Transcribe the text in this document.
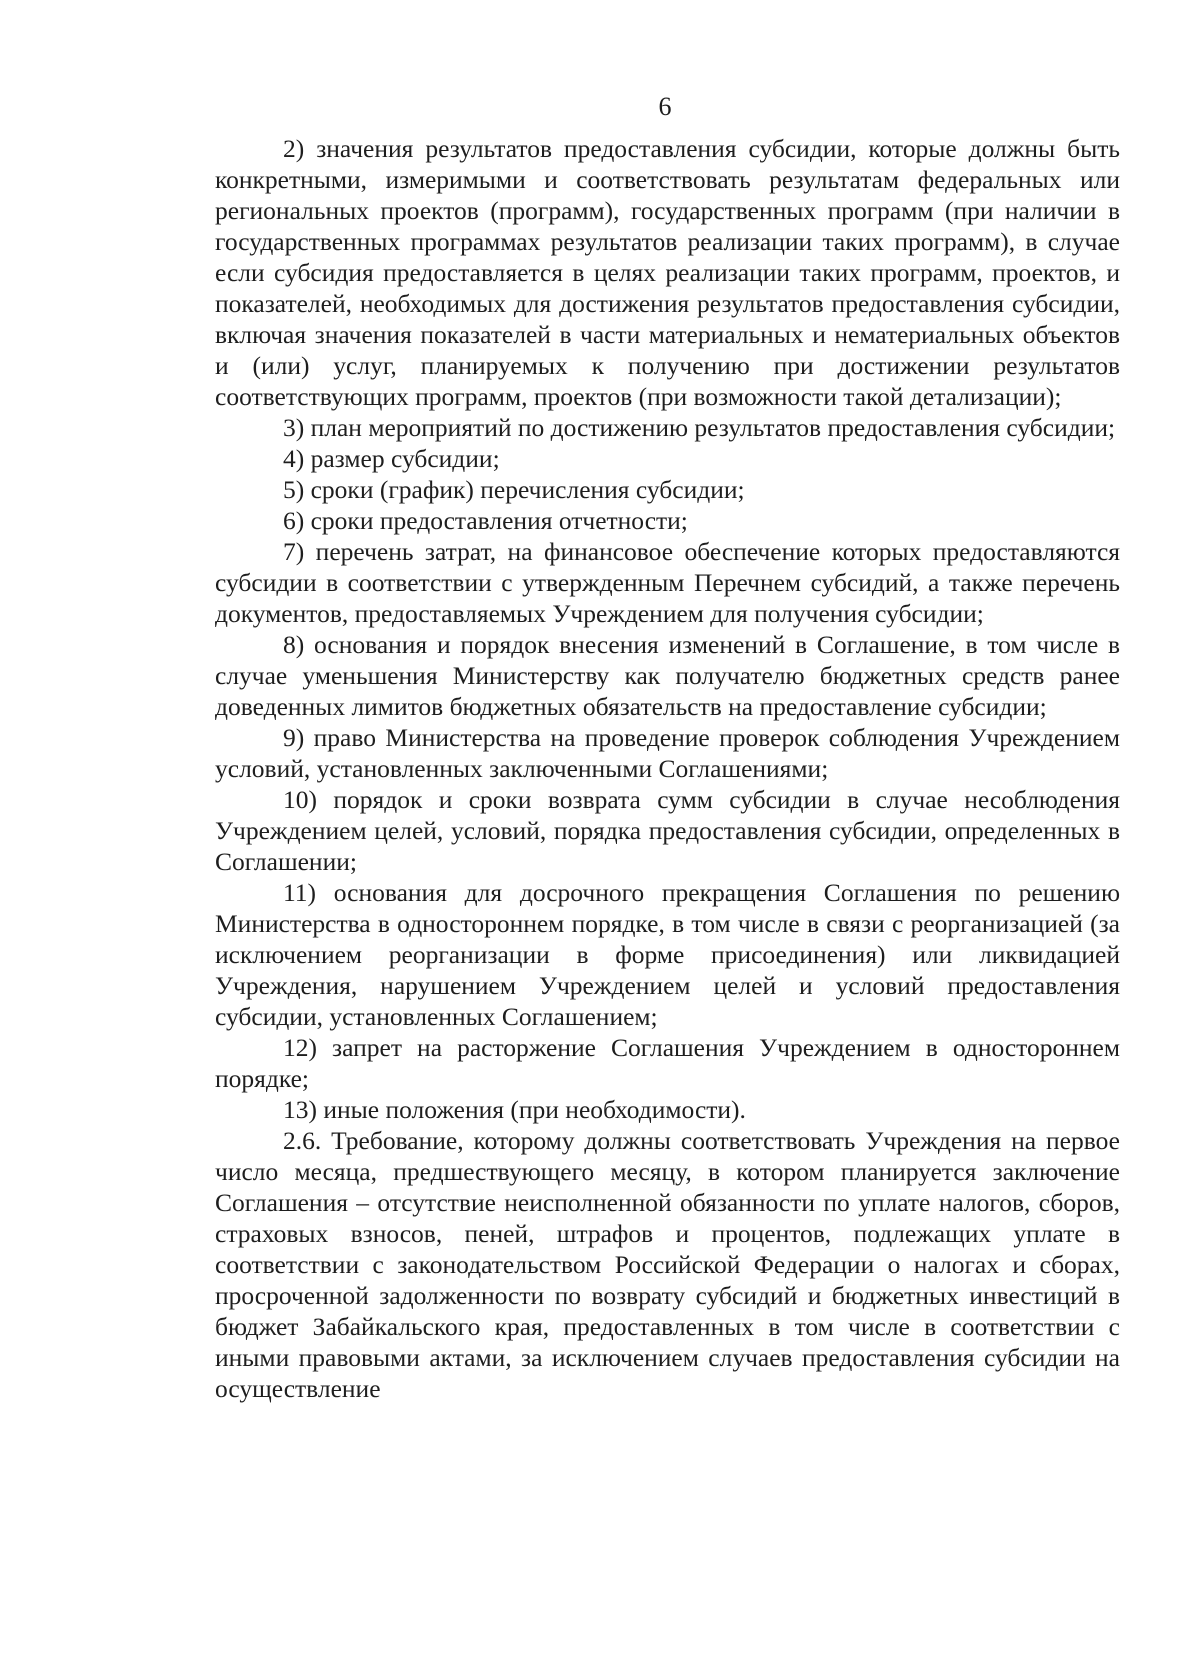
6

2) значения результатов предоставления субсидии, которые должны быть конкретными, измеримыми и соответствовать результатам федеральных или региональных проектов (программ), государственных программ (при наличии в государственных программах результатов реализации таких программ), в случае если субсидия предоставляется в целях реализации таких программ, проектов, и показателей, необходимых для достижения результатов предоставления субсидии, включая значения показателей в части материальных и нематериальных объектов и (или) услуг, планируемых к получению при достижении результатов соответствующих программ, проектов (при возможности такой детализации);

3) план мероприятий по достижению результатов предоставления субсидии;

4) размер субсидии;

5) сроки (график) перечисления субсидии;

6) сроки предоставления отчетности;

7) перечень затрат, на финансовое обеспечение которых предоставляются субсидии в соответствии с утвержденным Перечнем субсидий, а также перечень документов, предоставляемых Учреждением для получения субсидии;

8) основания и порядок внесения изменений в Соглашение, в том числе в случае уменьшения Министерству как получателю бюджетных средств ранее доведенных лимитов бюджетных обязательств на предоставление субсидии;

9) право Министерства на проведение проверок соблюдения Учреждением условий, установленных заключенными Соглашениями;

10) порядок и сроки возврата сумм субсидии в случае несоблюдения Учреждением целей, условий, порядка предоставления субсидии, определенных в Соглашении;

11) основания для досрочного прекращения Соглашения по решению Министерства в одностороннем порядке, в том числе в связи с реорганизацией (за исключением реорганизации в форме присоединения) или ликвидацией Учреждения, нарушением Учреждением целей и условий предоставления субсидии, установленных Соглашением;

12) запрет на расторжение Соглашения Учреждением в одностороннем порядке;

13) иные положения (при необходимости).

2.6. Требование, которому должны соответствовать Учреждения на первое число месяца, предшествующего месяцу, в котором планируется заключение Соглашения – отсутствие неисполненной обязанности по уплате налогов, сборов, страховых взносов, пеней, штрафов и процентов, подлежащих уплате в соответствии с законодательством Российской Федерации о налогах и сборах, просроченной задолженности по возврату субсидий и бюджетных инвестиций в бюджет Забайкальского края, предоставленных в том числе в соответствии с иными правовыми актами, за исключением случаев предоставления субсидии на осуществление
